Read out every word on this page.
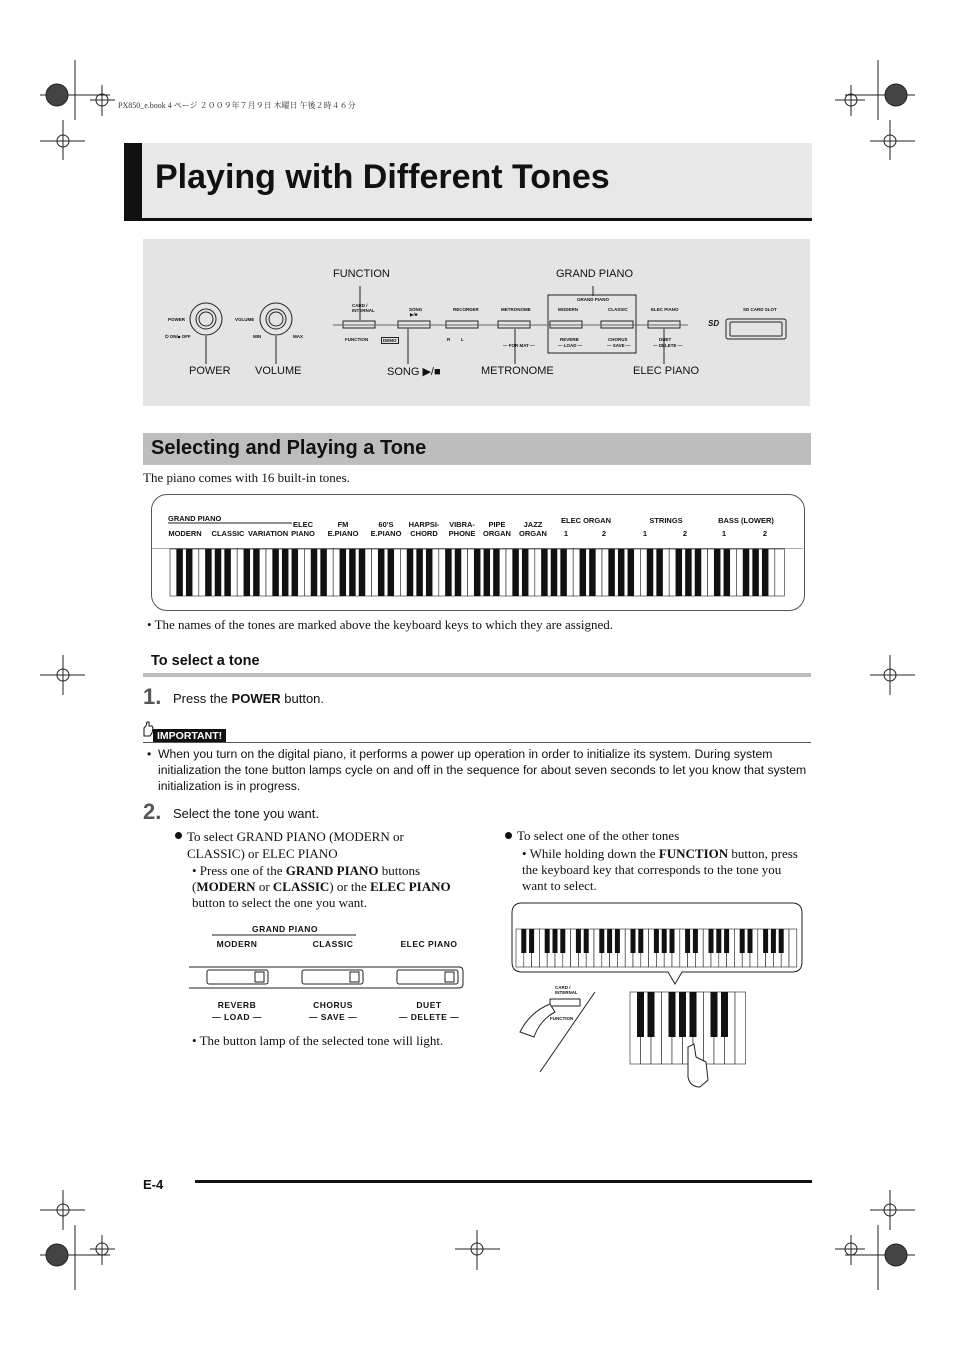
PX850_e.book 4 ページ ２００９年７月９日 木曜日 午後２時４６分
Playing with Different Tones
⏻ ON/◼ OFF
POWER	VOLUME
MIN	MAX
CARD / INTERNAL
FUNCTION	DEMO
SONG
▶/■
RECORDER	METRONOME
R L
— FOR MAT —
GRAND PIANO
MODERN	CLASSIC	ELEC PIANO
REVERB
— LOAD —
CHORUS
— SAVE —
DUET
— DELETE —
SD CARD SLOT
SD
FUNCTION	GRAND PIANO
POWER VOLUME	SONG ▶/■	METRONOME	ELEC PIANO
Selecting and Playing a Tone
The piano comes with 16 built-in tones.
GRAND PIANO
MODERN	CLASSIC VARIATION
ELEC PIANO
FM E.PIANO
60'S E.PIANO
HARPSI- CHORD
VIBRA- PHONE
PIPE ORGAN
JAZZ ORGAN
ELEC ORGAN
1	2
STRINGS
1	2
BASS (LOWER)
1	2
• The names of the tones are marked above the keyboard keys to which they are assigned.
To select a tone
1. Press the POWER button.
IMPORTANT!
• When you turn on the digital piano, it performs a power up operation in order to initialize its system. During system initialization the tone button lamps cycle on and off in the sequence for about seven seconds to let you know that system initialization is in progress.
2. Select the tone you want.
To select GRAND PIANO (MODERN or CLASSIC) or ELEC PIANO
• Press one of the GRAND PIANO buttons (MODERN or CLASSIC) or the ELEC PIANO button to select the one you want.
GRAND PIANO
MODERN	CLASSIC	ELEC PIANO
REVERB
— LOAD —
CHORUS
— SAVE —
DUET
— DELETE —
• The button lamp of the selected tone will light.
To select one of the other tones
• While holding down the FUNCTION button, press the keyboard key that corresponds to the tone you want to select.
CARD / INTERNAL
FUNCTION
E-4
